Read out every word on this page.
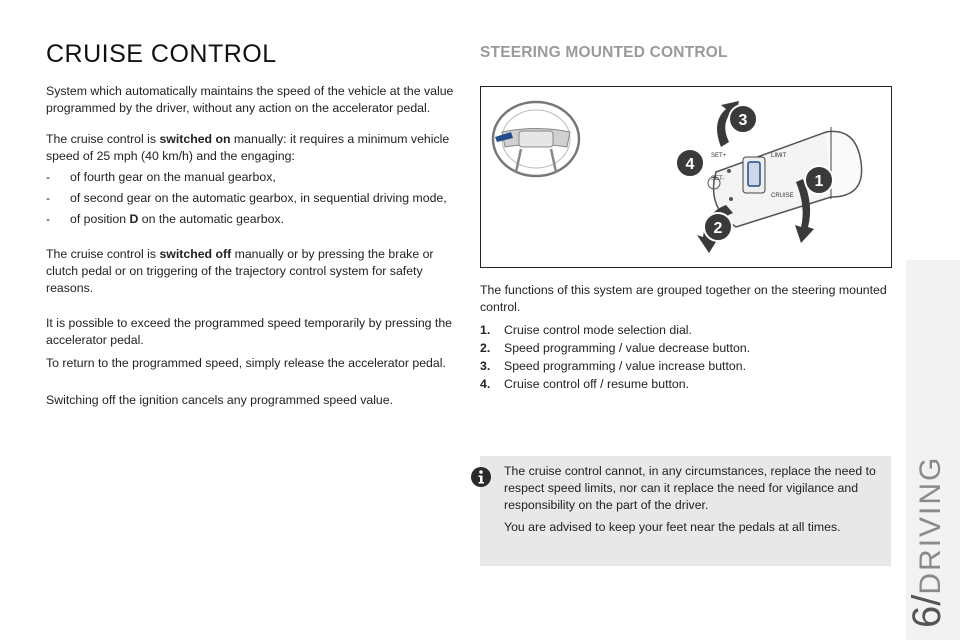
CRUISE CONTROL

System which automatically maintains the speed of the vehicle at the value programmed by the driver, without any action on the accelerator pedal.

The cruise control is switched on manually: it requires a minimum vehicle speed of 25 mph (40 km/h) and the engaging:

- of fourth gear on the manual gearbox,
- of second gear on the automatic gearbox, in sequential driving mode,
- of position D on the automatic gearbox.

The cruise control is switched off manually or by pressing the brake or clutch pedal or on triggering of the trajectory control system for safety reasons.

It is possible to exceed the programmed speed temporarily by pressing the accelerator pedal.

To return to the programmed speed, simply release the accelerator pedal.

Switching off the ignition cancels any programmed speed value.

STEERING MOUNTED CONTROL
SET+
SET-
LIMIT
CRUISE
3
4
1
2

The functions of this system are grouped together on the steering mounted control.

1.	Cruise control mode selection dial.
2.	Speed programming / value decrease button.
3.	Speed programming / value increase button.
4.	Cruise control off / resume button.

The cruise control cannot, in any circumstances, replace the need to respect speed limits, nor can it replace the need for vigilance and responsibility on the part of the driver.

You are advised to keep your feet near the pedals at all times.

6/DRIVING
